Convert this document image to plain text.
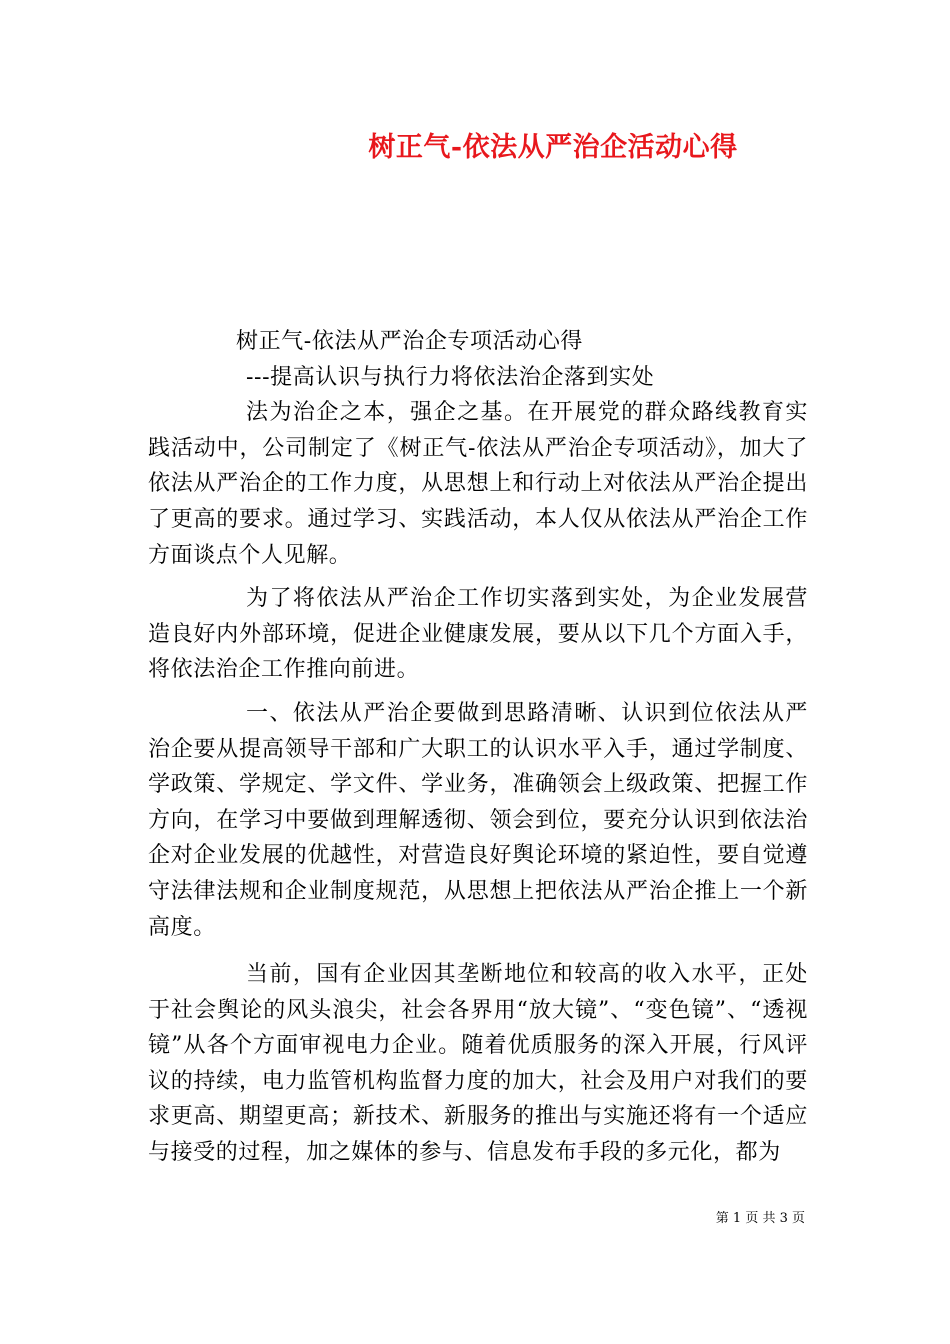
树正气-依法从严治企活动心得
树正气-依法从严治企专项活动心得
---提高认识与执行力将依法治企落到实处

法为治企之本，强企之基。在开展党的群众路线教育实践活动中，公司制定了《树正气-依法从严治企专项活动》，加大了依法从严治企的工作力度，从思想上和行动上对依法从严治企提出了更高的要求。通过学习、实践活动，本人仅从依法从严治企工作方面谈点个人见解。

为了将依法从严治企工作切实落到实处，为企业发展营造良好内外部环境，促进企业健康发展，要从以下几个方面入手，将依法治企工作推向前进。

一、依法从严治企要做到思路清晰、认识到位依法从严治企要从提高领导干部和广大职工的认识水平入手，通过学制度、学政策、学规定、学文件、学业务，准确领会上级政策、把握工作方向，在学习中要做到理解透彻、领会到位，要充分认识到依法治企对企业发展的优越性，对营造良好舆论环境的紧迫性，要自觉遵守法律法规和企业制度规范，从思想上把依法从严治企推上一个新高度。

当前，国有企业因其垄断地位和较高的收入水平，正处于社会舆论的风头浪尖，社会各界用“放大镜”、“变色镜”、“透视镜”从各个方面审视电力企业。随着优质服务的深入开展，行风评议的持续，电力监管机构监督力度的加大，社会及用户对我们的要求更高、期望更高；新技术、新服务的推出与实施还将有一个适应与接受的过程，加之媒体的参与、信息发布手段的多元化，都为

第 1 页 共 3 页
